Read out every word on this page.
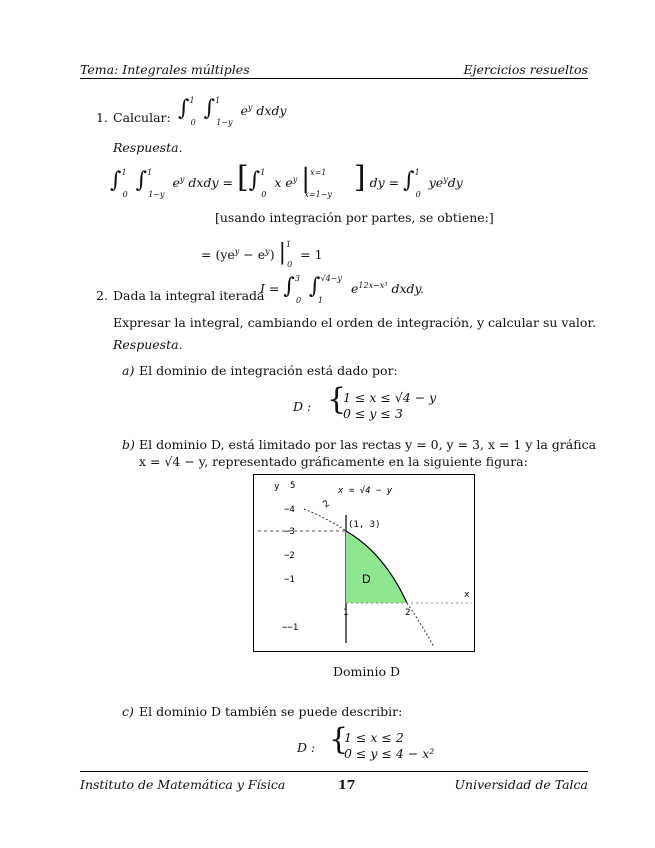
Tema: Integrales múltiples	Ejercicios resueltos
1. Calcular: ∫$^1_0$ ∫$^1_{1-y}$ $e^y$ dxdy
Respuesta.
∫$^1_0$ ∫$^1_{1-y}$ $e^y$ dxdy = [∫$^1_0$ x $e^y$ $|^{x=1}_{x=1-y}$ ] dy = ∫$^1_0$ $ye^ydy$
[usando integración por partes, se obtiene:]
= $(ye^y - e^y) |^1_0 = 1$
2. Dada la integral iterada
I = ∫$^3_0$ ∫$^{√4-y}_1$ $e^{12x-x^3}$ dxdy.
Expresar la integral, cambiando el orden de integración, y calcular su valor.
Respuesta.
a) El dominio de integración está dado por:
D : {
1 ≤ x ≤ √4 − y
0 ≤ y ≤ 3
b) El dominio D, está limitado por las rectas y = 0, y = 3, x = 1 y la gráfica
x = √4 − y, representado gráficamente en la siguiente figura:
y
x
5
−4
−3
−2
−1
−−1
1	2
(1, 3)
D
x = √4 − y
2
Dominio D
c) El dominio D también se puede describir:
D : {
1 ≤ x ≤ 2
0 ≤ y ≤ 4 − x²
Instituto de Matemática y Física	17	Universidad de Talca
